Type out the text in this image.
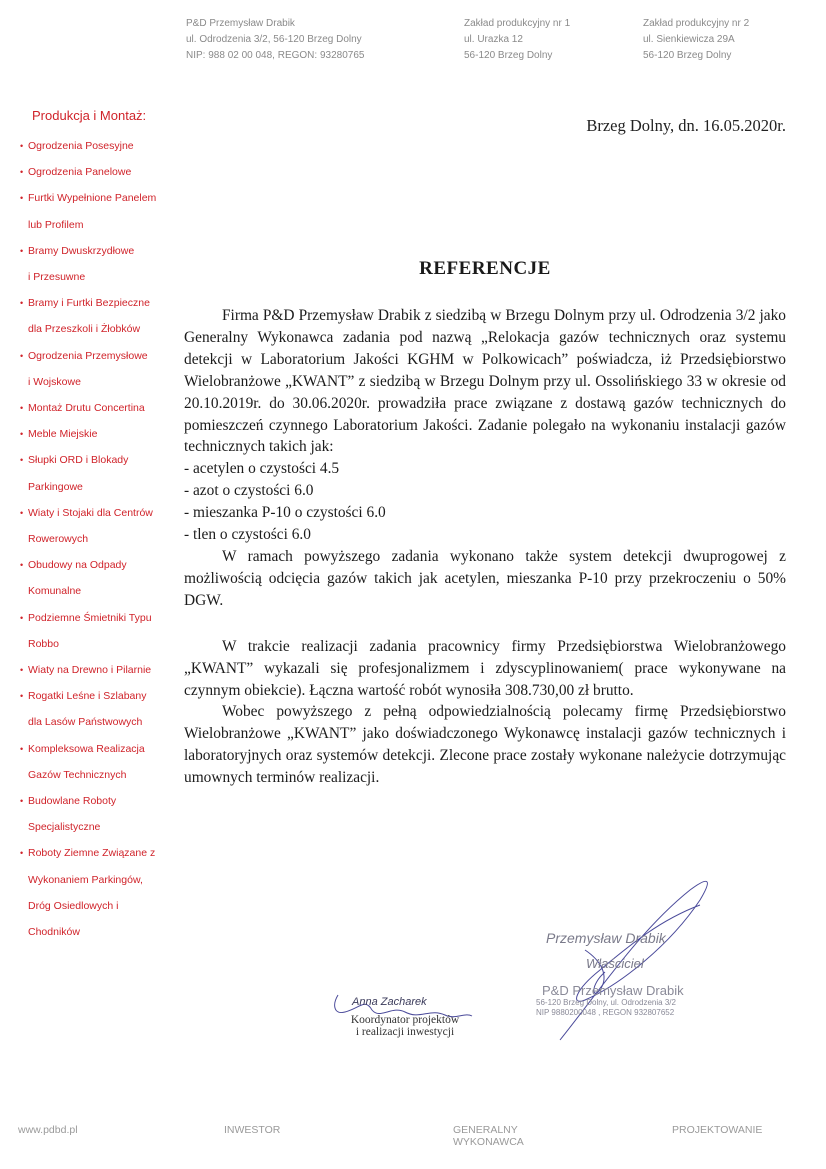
P&D Przemysław Drabik
ul. Odrodzenia 3/2, 56-120 Brzeg Dolny
NIP: 988 02 00 048, REGON: 93280765
Zakład produkcyjny nr 1
ul. Urazka 12
56-120 Brzeg Dolny
Zakład produkcyjny nr 2
ul. Sienkiewicza 29A
56-120 Brzeg Dolny
Produkcja i Montaż:
• Ogrodzenia Posesyjne
• Ogrodzenia Panelowe
• Furtki Wypełnione Panelem
lub Profilem
• Bramy Dwuskrzydłowe
i Przesuwne
• Bramy i Furtki Bezpieczne
dla Przeszkoli i Żłobków
• Ogrodzenia Przemysłowe
i Wojskowe
• Montaż Drutu Concertina
• Meble Miejskie
• Słupki ORD i Blokady
Parkingowe
• Wiaty i Stojaki dla Centrów
Rowerowych
• Obudowy na Odpady
Komunalne
• Podziemne Śmietniki Typu
Robbo
• Wiaty na Drewno i Pilarnie
• Rogatki Leśne i Szlabany
dla Lasów Państwowych
• Kompleksowa Realizacja
Gazów Technicznych
• Budowlane Roboty
Specjalistyczne
• Roboty Ziemne Związane z
Wykonaniem Parkingów,
Dróg Osiedlowych i
Chodników
Brzeg Dolny, dn. 16.05.2020r.
REFERENCJE

Firma P&D Przemysław Drabik z siedzibą w Brzegu Dolnym przy ul. Odrodzenia 3/2 jako Generalny Wykonawca zadania pod nazwą „Relokacja gazów technicznych oraz systemu detekcji w Laboratorium Jakości KGHM w Polkowicach” poświadcza, iż Przedsiębiorstwo Wielobranżowe „KWANT” z siedzibą w Brzegu Dolnym przy ul. Ossolińskiego 33 w okresie od 20.10.2019r. do 30.06.2020r. prowadziła prace związane z dostawą gazów technicznych do pomieszczeń czynnego Laboratorium Jakości. Zadanie polegało na wykonaniu instalacji gazów technicznych takich jak:

- acetylen o czystości 4.5
- azot o czystości 6.0
- mieszanka P-10 o czystości 6.0
- tlen o czystości 6.0

W ramach powyższego zadania wykonano także system detekcji dwuprogowej z możliwością odcięcia gazów takich jak acetylen, mieszanka P-10 przy przekroczeniu o 50% DGW.

W trakcie realizacji zadania pracownicy firmy Przedsiębiorstwa Wielobranżowego „KWANT” wykazali się profesjonalizmem i zdyscyplinowaniem( prace wykonywane na czynnym obiekcie). Łączna wartość robót wynosiła 308.730,00 zł brutto.

Wobec powyższego z pełną odpowiedzialnością polecamy firmę Przedsiębiorstwo Wielobranżowe „KWANT” jako doświadczonego Wykonawcę instalacji gazów technicznych i laboratoryjnych oraz systemów detekcji. Zlecone prace zostały wykonane należycie dotrzymując umownych terminów realizacji.

Anna Zacharek
Koordynator projektów
i realizacji inwestycji
Przemysław Drabik
Właściciel
P&D Przemysław Drabik
56-120 Brzeg Dolny, ul. Odrodzenia 3/2
NIP 9880200048 , REGON 932807652
www.pdbd.pl	INWESTOR	GENERALNY
WYKONAWCA
PROJEKTOWANIE
